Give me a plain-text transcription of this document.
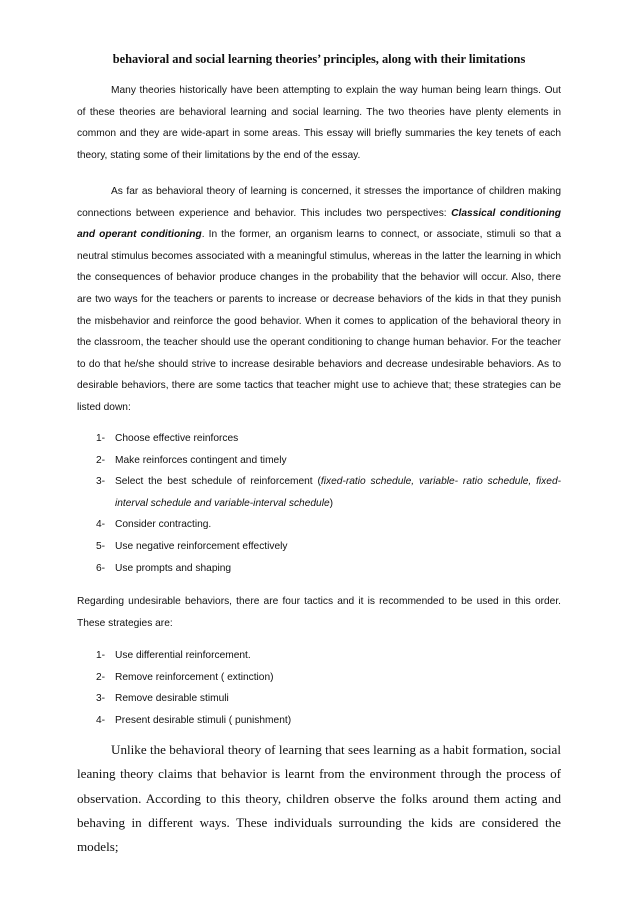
behavioral and social learning theories’ principles, along with their limitations
Many theories historically have been attempting to explain the way human being learn things. Out of these theories are behavioral learning and social learning. The two theories have plenty elements in common and they are wide-apart in some areas. This essay will briefly summaries the key tenets of each theory, stating some of their limitations by the end of the essay.
As far as behavioral theory of learning is concerned, it stresses the importance of children making connections between experience and behavior. This includes two perspectives: Classical conditioning and operant conditioning. In the former, an organism learns to connect, or associate, stimuli so that a neutral stimulus becomes associated with a meaningful stimulus, whereas in the latter the learning in which the consequences of behavior produce changes in the probability that the behavior will occur. Also, there are two ways for the teachers or parents to increase or decrease behaviors of the kids in that they punish the misbehavior and reinforce the good behavior. When it comes to application of the behavioral theory in the classroom, the teacher should use the operant conditioning to change human behavior. For the teacher to do that he/she should strive to increase desirable behaviors and decrease undesirable behaviors. As to desirable behaviors, there are some tactics that teacher might use to achieve that; these strategies can be listed down:
1- Choose effective reinforces
2- Make reinforces contingent and timely
3- Select the best schedule of reinforcement (fixed-ratio schedule, variable- ratio schedule, fixed-interval schedule and variable-interval schedule)
4- Consider contracting.
5- Use negative reinforcement effectively
6- Use prompts and shaping
Regarding undesirable behaviors, there are four tactics and it is recommended to be used in this order. These strategies are:
1- Use differential reinforcement.
2- Remove reinforcement ( extinction)
3- Remove desirable stimuli
4- Present desirable stimuli ( punishment)
Unlike the behavioral theory of learning that sees learning as a habit formation, social leaning theory claims that behavior is learnt from the environment through the process of observation. According to this theory, children observe the folks around them acting and behaving in different ways. These individuals surrounding the kids are considered the models;
